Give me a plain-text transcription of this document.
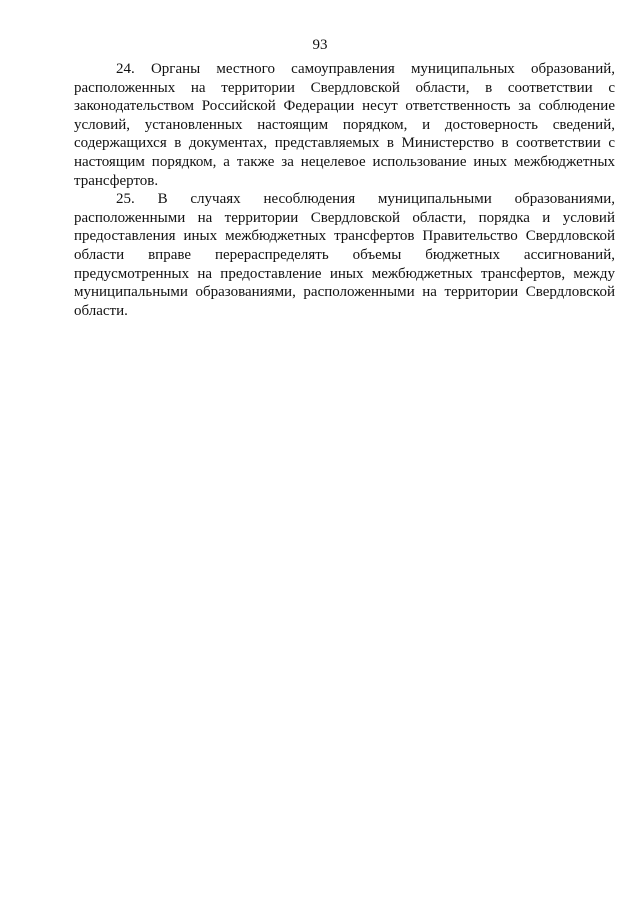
93

24. Органы местного самоуправления муниципальных образований, расположенных на территории Свердловской области, в соответствии с законодательством Российской Федерации несут ответственность за соблюдение условий, установленных настоящим порядком, и достоверность сведений, содержащихся в документах, представляемых в Министерство в соответствии с настоящим порядком, а также за нецелевое использование иных межбюджетных трансфертов.

25. В случаях несоблюдения муниципальными образованиями, расположенными на территории Свердловской области, порядка и условий предоставления иных межбюджетных трансфертов Правительство Свердловской области вправе перераспределять объемы бюджетных ассигнований, предусмотренных на предоставление иных межбюджетных трансфертов, между муниципальными образованиями, расположенными на территории Свердловской области.
